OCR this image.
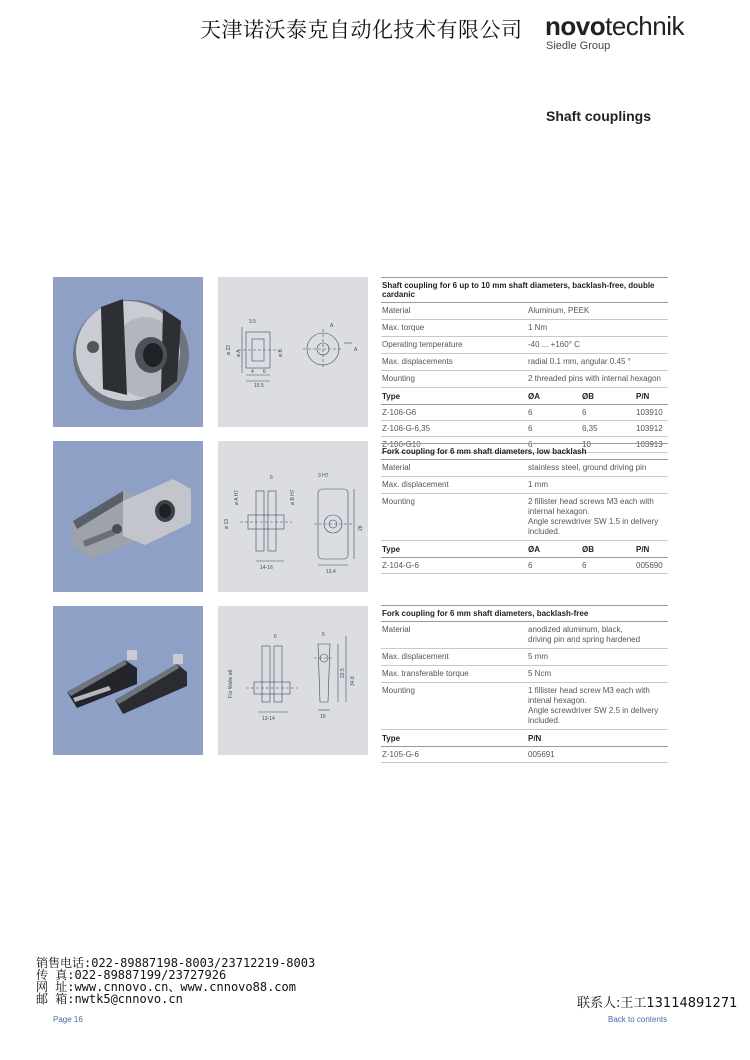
天津诺沃泰克自动化技术有限公司 novotechnik
Siedle Group
Shaft couplings
3.5
ø 22 ø A	ø B
4 6
15.5
A
A
Shaft coupling for 6 up to 10 mm shaft diameters, backlash-free, double cardanic
Material	Aluminum, PEEK
Max. torque	1 Nm
Operating temperature	-40 ... +160° C
Max. displacements	radial 0.1 mm, angular 0.45 °
Mounting	2 threaded pins with internal hexagon
Type	ØA	ØB	P/N
Z-106-G6	6	6	103910
Z-106-G-6,35	6	6,35	103912
Z-106-G10	6	10	103913
6	3 H7
ø A H7	ø B H7
ø 13
14-16
13.4
28
Fork coupling for 6 mm shaft diameters, low backlash
Material	stainless steel, ground driving pin
Max. displacement	1 mm
Mounting	2 fillister head screws M3 each with internal hexagon.
Angle screwdriver SW 1.5 in delivery included.
Type	ØA	ØB	P/N
Z-104-G-6	6	6	005690
Für Welle ø6
6	5
22.5
34.8
13-14	10
Fork coupling for 6 mm shaft diameters, backlash-free
Material	anodized aluminum, black,
driving pin and spring hardened
Max. displacement	5 mm
Max. transferable torque	5 Ncm
Mounting	1 fillister head screw M3 each with intenal hexagon.
Angle screwdriver SW 2.5 in delivery included.
Type	P/N
Z-105-G-6	005691
销售电话:022-89887198-8003/23712219-8003
传 真:022-89887199/23727926
网 址:www.cnnovo.cn、www.cnnovo88.com
邮 箱:nwtk5@cnnovo.cn	联系人:王工13114891271
Page 16	Back to contents
